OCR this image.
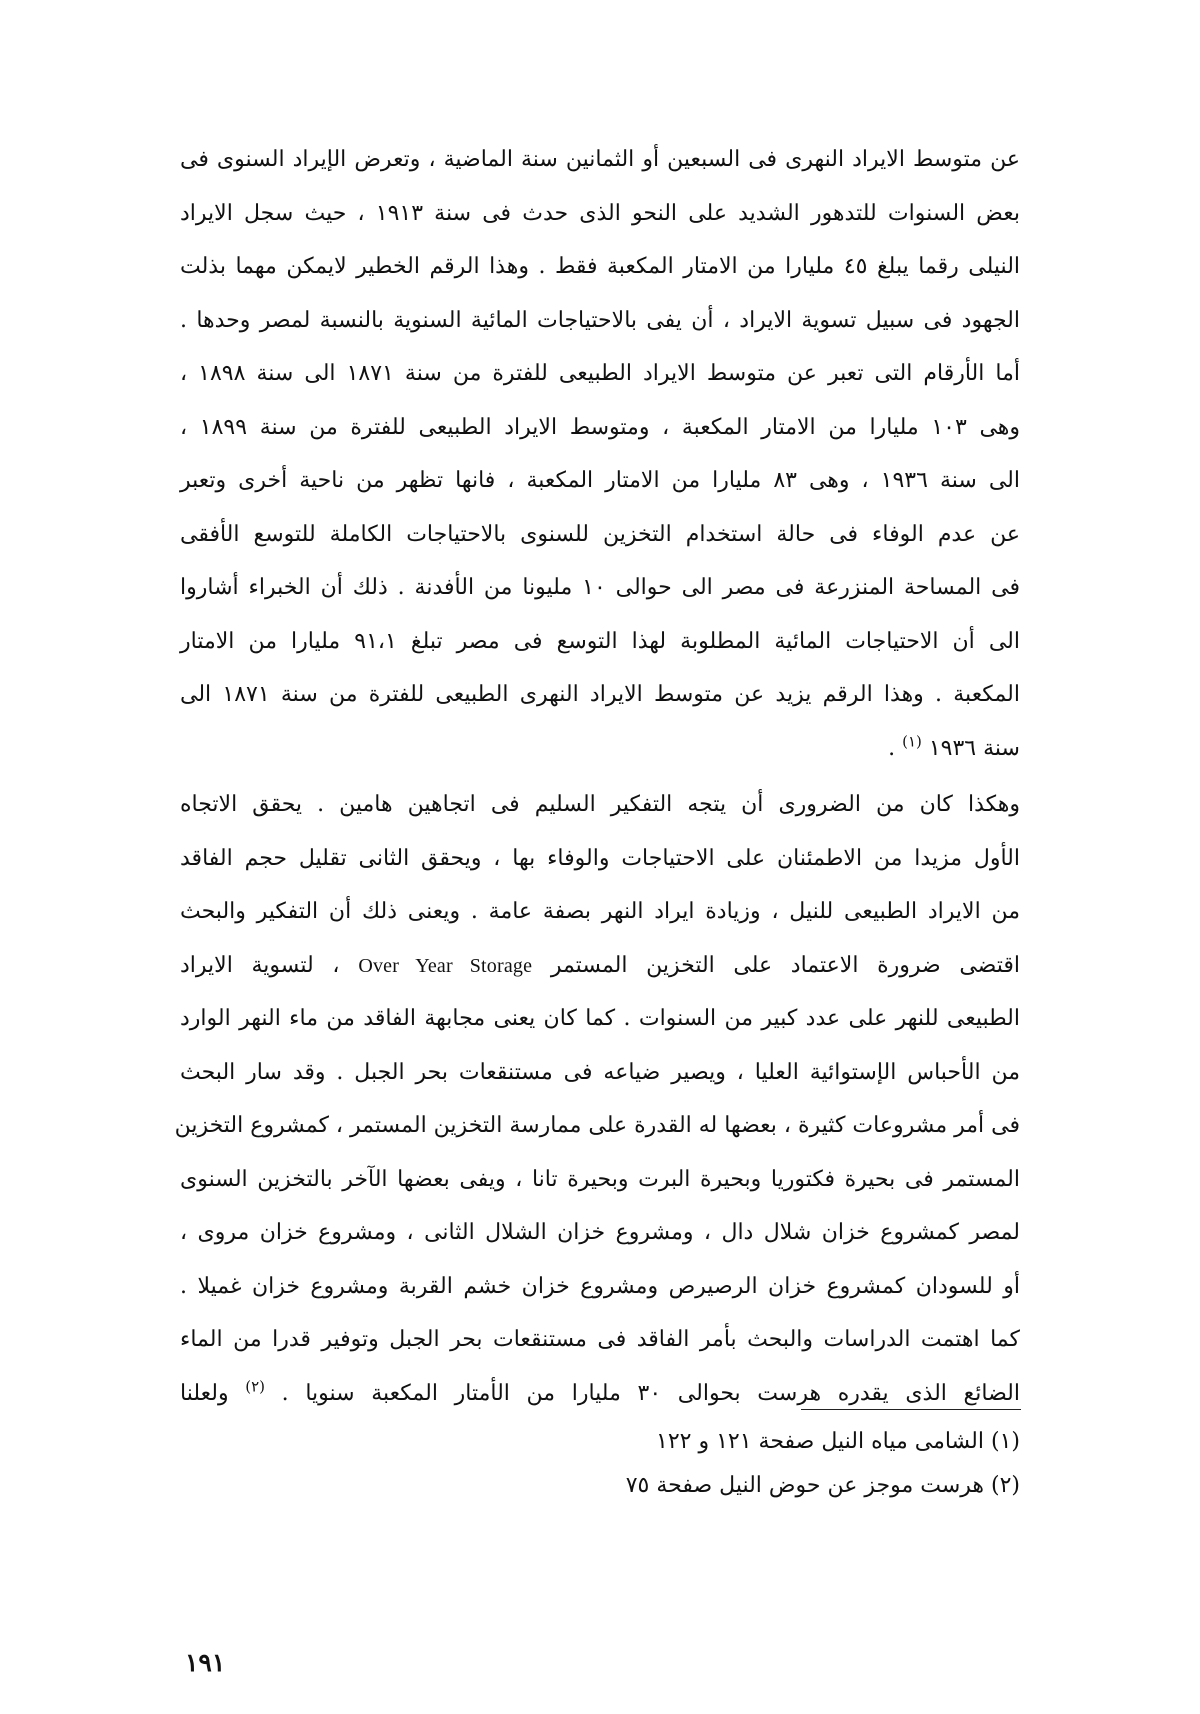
عن متوسط الايراد النهرى فى السبعين أو الثمانين سنة الماضية ، وتعرض الإيراد السنوى فى
بعض السنوات للتدهور الشديد على النحو الذى حدث فى سنة ١٩١٣ ، حيث سجل الايراد
النيلى رقما يبلغ ٤٥ مليارا من الامتار المكعبة فقط . وهذا الرقم الخطير لايمكن مهما بذلت
الجهود فى سبيل تسوية الايراد ، أن يفى بالاحتياجات المائية السنوية بالنسبة لمصر وحدها .
أما الأرقام التى تعبر عن متوسط الايراد الطبيعى للفترة من سنة ١٨٧١ الى سنة ١٨٩٨ ،
وهى ١٠٣ مليارا من الامتار المكعبة ، ومتوسط الايراد الطبيعى للفترة من سنة ١٨٩٩ ،
الى سنة ١٩٣٦ ، وهى ٨٣ مليارا من الامتار المكعبة ، فانها تظهر من ناحية أخرى وتعبر
عن عدم الوفاء فى حالة استخدام التخزين للسنوى بالاحتياجات الكاملة للتوسع الأفقى
فى المساحة المنزرعة فى مصر الى حوالى ١٠ مليونا من الأفدنة . ذلك أن الخبراء أشاروا
الى أن الاحتياجات المائية المطلوبة لهذا التوسع فى مصر تبلغ ٩١،١ مليارا من الامتار
المكعبة . وهذا الرقم يزيد عن متوسط الايراد النهرى الطبيعى للفترة من سنة ١٨٧١ الى
سنة ١٩٣٦ $^{(١)}$ .
وهكذا كان من الضرورى أن يتجه التفكير السليم فى اتجاهين هامين . يحقق الاتجاه
الأول مزيدا من الاطمئنان على الاحتياجات والوفاء بها ، ويحقق الثانى تقليل حجم الفاقد
من الايراد الطبيعى للنيل ، وزيادة ايراد النهر بصفة عامة . ويعنى ذلك أن التفكير والبحث
اقتضى ضرورة الاعتماد على التخزين المستمر Over Year Storage ، لتسوية الايراد
الطبيعى للنهر على عدد كبير من السنوات . كما كان يعنى مجابهة الفاقد من ماء النهر الوارد
من الأحباس الإستوائية العليا ، ويصير ضياعه فى مستنقعات بحر الجبل . وقد سار البحث
فى أمر مشروعات كثيرة ، بعضها له القدرة على ممارسة التخزين المستمر ، كمشروع التخزين
المستمر فى بحيرة فكتوريا وبحيرة البرت وبحيرة تانا ، ويفى بعضها الآخر بالتخزين السنوى
لمصر كمشروع خزان شلال دال ، ومشروع خزان الشلال الثانى ، ومشروع خزان مروى ،
أو للسودان كمشروع خزان الرصيرص ومشروع خزان خشم القربة ومشروع خزان غميلا .
كما اهتمت الدراسات والبحث بأمر الفاقد فى مستنقعات بحر الجبل وتوفير قدرا من الماء
الضائع الذى يقدره هرست بحوالى ٣٠ مليارا من الأمتار المكعبة سنويا . $^{(٢)}$ ولعلنا
(١) الشامى مياه النيل صفحة ١٢١ و ١٢٢
(٢) هرست موجز عن حوض النيل صفحة ٧٥
١٩١
